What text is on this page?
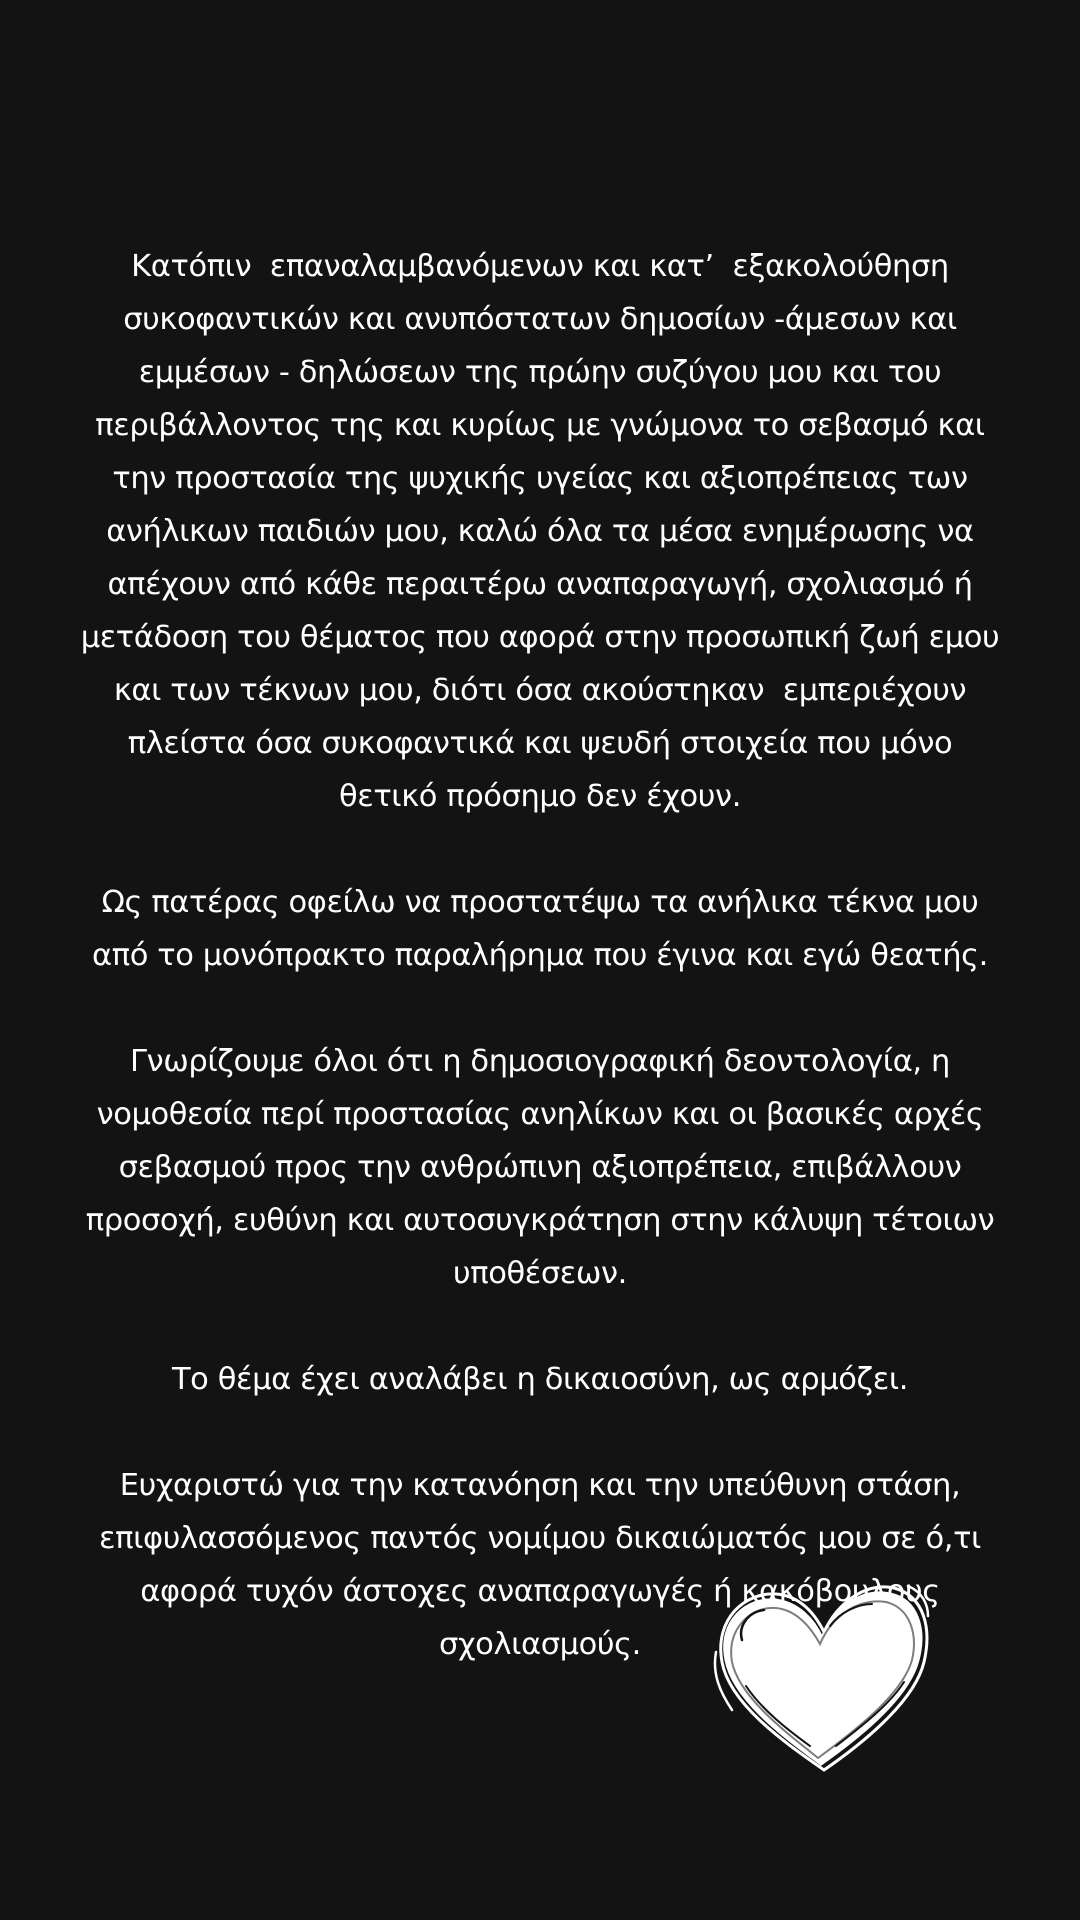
Κατόπιν  επαναλαμβανόμενων και κατ’  εξακολούθηση
συκοφαντικών και ανυπόστατων δημοσίων -άμεσων και
εμμέσων - δηλώσεων της πρώην συζύγου μου και του
περιβάλλοντος της και κυρίως με γνώμονα το σεβασμό και
την προστασία της ψυχικής υγείας και αξιοπρέπειας των
ανήλικων παιδιών μου, καλώ όλα τα μέσα ενημέρωσης να
απέχουν από κάθε περαιτέρω αναπαραγωγή, σχολιασμό ή
μετάδοση του θέματος που αφορά στην προσωπική ζωή εμου
και των τέκνων μου, διότι όσα ακούστηκαν  εμπεριέχουν
πλείστα όσα συκοφαντικά και ψευδή στοιχεία που μόνο
θετικό πρόσημο δεν έχουν.

Ως πατέρας οφείλω να προστατέψω τα ανήλικα τέκνα μου
από το μονόπρακτο παραλήρημα που έγινα και εγώ θεατής.

Γνωρίζουμε όλοι ότι η δημοσιογραφική δεοντολογία, η
νομοθεσία περί προστασίας ανηλίκων και οι βασικές αρχές
σεβασμού προς την ανθρώπινη αξιοπρέπεια, επιβάλλουν
προσοχή, ευθύνη και αυτοσυγκράτηση στην κάλυψη τέτοιων
υποθέσεων.

Το θέμα έχει αναλάβει η δικαιοσύνη, ως αρμόζει.

Ευχαριστώ για την κατανόηση και την υπεύθυνη στάση,
επιφυλασσόμενος παντός νομίμου δικαιώματός μου σε ό,τι
αφορά τυχόν άστοχες αναπαραγωγές ή κακόβουλους
σχολιασμούς.
